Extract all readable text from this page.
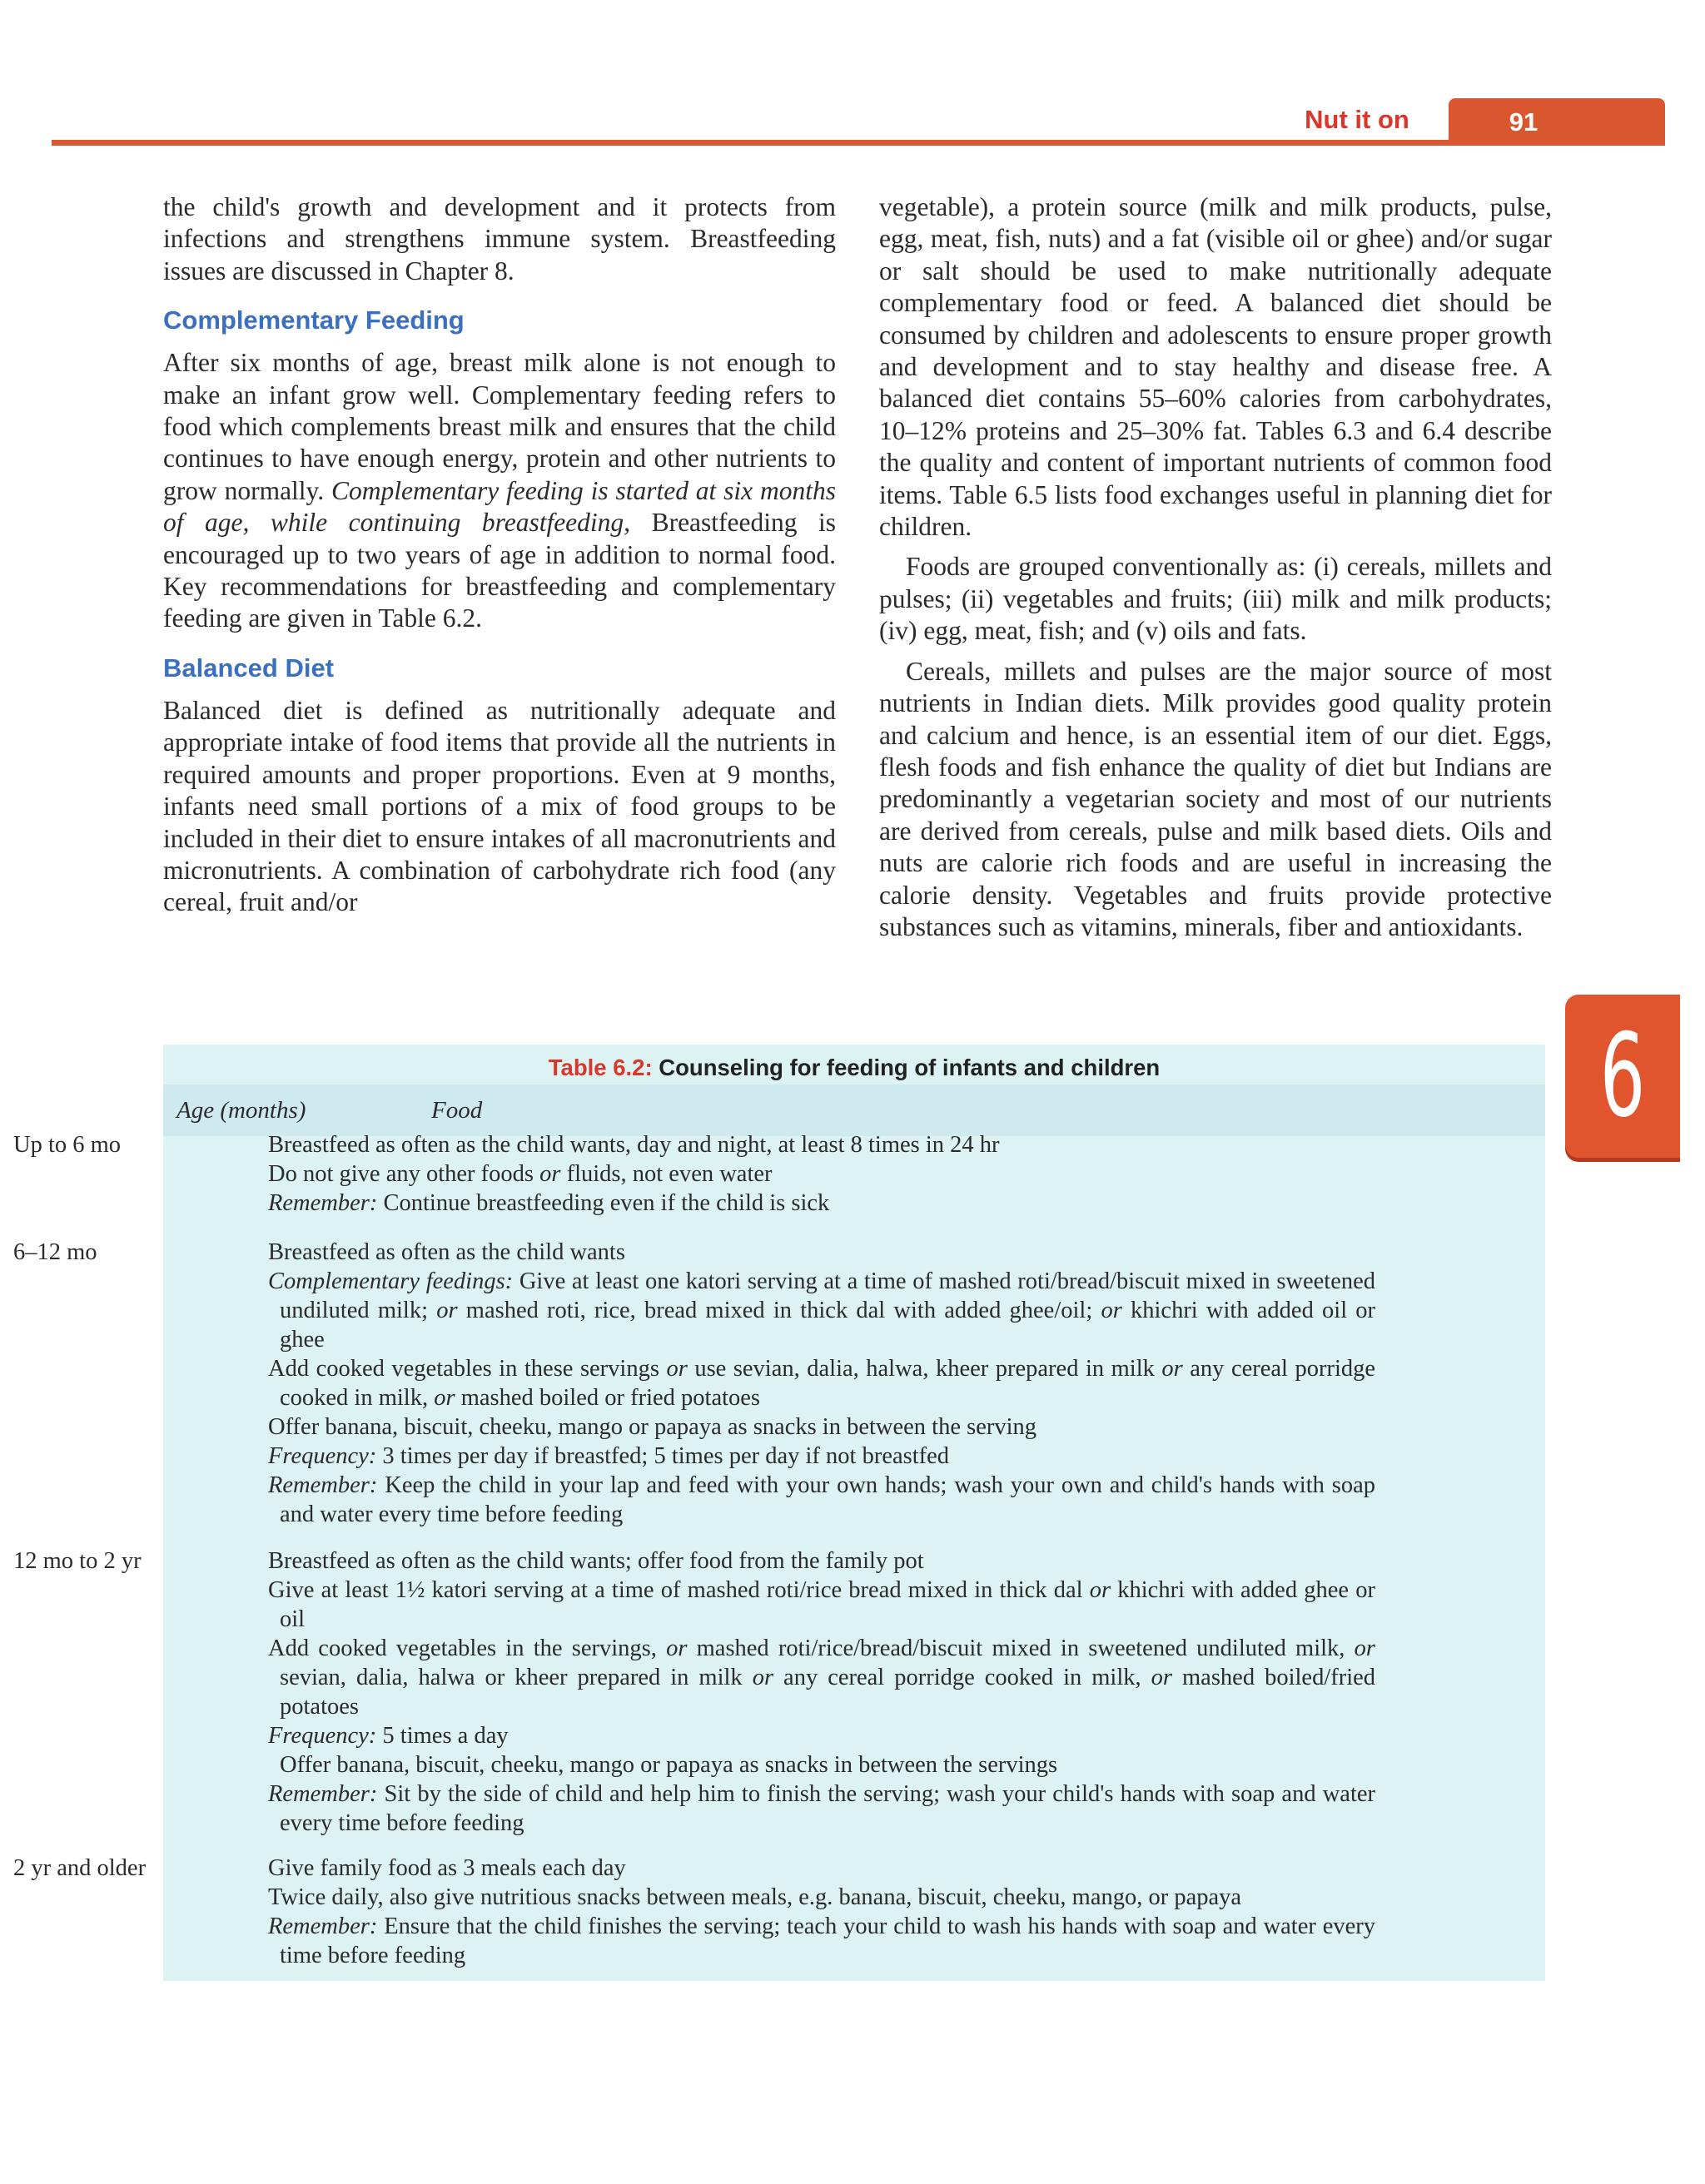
Nut it on	91
6

the child's growth and development and it protects from infections and strengthens immune system. Breastfeeding issues are discussed in Chapter 8.

Complementary Feeding

After six months of age, breast milk alone is not enough to make an infant grow well. Complementary feeding refers to food which complements breast milk and ensures that the child continues to have enough energy, protein and other nutrients to grow normally. Complementary feeding is started at six months of age, while continuing breastfeeding, Breastfeeding is encouraged up to two years of age in addition to normal food. Key recommendations for breastfeeding and complementary feeding are given in Table 6.2.

Balanced Diet

Balanced diet is defined as nutritionally adequate and appropriate intake of food items that provide all the nutrients in required amounts and proper proportions. Even at 9 months, infants need small portions of a mix of food groups to be included in their diet to ensure intakes of all macronutrients and micronutrients. A combination of carbohydrate rich food (any cereal, fruit and/or

vegetable), a protein source (milk and milk products, pulse, egg, meat, fish, nuts) and a fat (visible oil or ghee) and/or sugar or salt should be used to make nutritionally adequate complementary food or feed. A balanced diet should be consumed by children and adolescents to ensure proper growth and development and to stay healthy and disease free. A balanced diet contains 55–60% calories from carbohydrates, 10–12% proteins and 25–30% fat. Tables 6.3 and 6.4 describe the quality and content of important nutrients of common food items. Table 6.5 lists food exchanges useful in planning diet for children.

Foods are grouped conventionally as: (i) cereals, millets and pulses; (ii) vegetables and fruits; (iii) milk and milk products; (iv) egg, meat, fish; and (v) oils and fats.

Cereals, millets and pulses are the major source of most nutrients in Indian diets. Milk provides good quality protein and calcium and hence, is an essential item of our diet. Eggs, flesh foods and fish enhance the quality of diet but Indians are predominantly a vegetarian society and most of our nutrients are derived from cereals, pulse and milk based diets. Oils and nuts are calorie rich foods and are useful in increasing the calorie density. Vegetables and fruits provide protective substances such as vitamins, minerals, fiber and antioxidants.

Table 6.2: Counseling for feeding of infants and children
Age (months)	Food
Up to 6 mo	Breastfeed as often as the child wants, day and night, at least 8 times in 24 hr
Do not give any other foods or fluids, not even water
Remember: Continue breastfeeding even if the child is sick
6–12 mo	Breastfeed as often as the child wants
Complementary feedings: Give at least one katori serving at a time of mashed roti/bread/biscuit mixed in sweetened undiluted milk; or mashed roti, rice, bread mixed in thick dal with added ghee/oil; or khichri with added oil or ghee
Add cooked vegetables in these servings or use sevian, dalia, halwa, kheer prepared in milk or any cereal porridge cooked in milk, or mashed boiled or fried potatoes
Offer banana, biscuit, cheeku, mango or papaya as snacks in between the serving
Frequency: 3 times per day if breastfed; 5 times per day if not breastfed
Remember: Keep the child in your lap and feed with your own hands; wash your own and child's hands with soap and water every time before feeding
12 mo to 2 yr	Breastfeed as often as the child wants; offer food from the family pot
Give at least 1½ katori serving at a time of mashed roti/rice bread mixed in thick dal or khichri with added ghee or oil
Add cooked vegetables in the servings, or mashed roti/rice/bread/biscuit mixed in sweetened undiluted milk, or sevian, dalia, halwa or kheer prepared in milk or any cereal porridge cooked in milk, or mashed boiled/fried potatoes
Frequency: 5 times a day
Offer banana, biscuit, cheeku, mango or papaya as snacks in between the servings
Remember: Sit by the side of child and help him to finish the serving; wash your child's hands with soap and water every time before feeding
2 yr and older	Give family food as 3 meals each day
Twice daily, also give nutritious snacks between meals, e.g. banana, biscuit, cheeku, mango, or papaya
Remember: Ensure that the child finishes the serving; teach your child to wash his hands with soap and water every time before feeding
